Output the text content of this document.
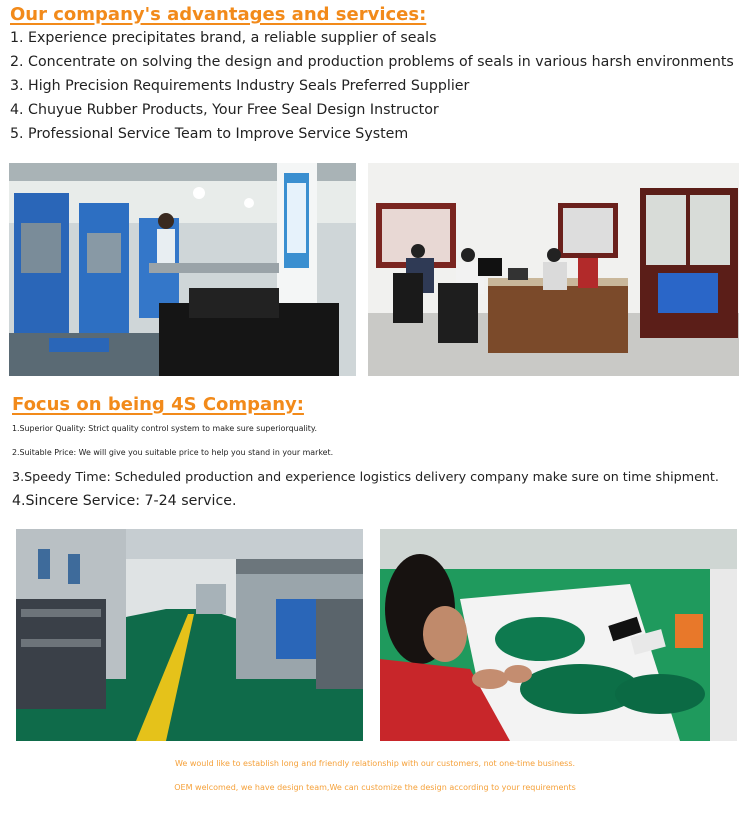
Our company's advantages and services:
1. Experience precipitates brand, a reliable supplier of seals
2. Concentrate on solving the design and production problems of seals in various harsh environments
3. High Precision Requirements Industry Seals Preferred Supplier
4. Chuyue Rubber Products, Your Free Seal Design Instructor
5. Professional Service Team to Improve Service System
Focus on being 4S Company:
1.Superior Quality: Strict quality control system to make sure superiorquality.
2.Suitable Price: We will give you suitable price to help you stand in your market.
3.Speedy Time: Scheduled production and experience logistics delivery company make sure on time shipment.
4.Sincere Service: 7-24 service.
We would like to establish long and friendly relationship with our customers, not one-time business.
OEM welcomed, we have design team,We can customize the design according to your requirements
